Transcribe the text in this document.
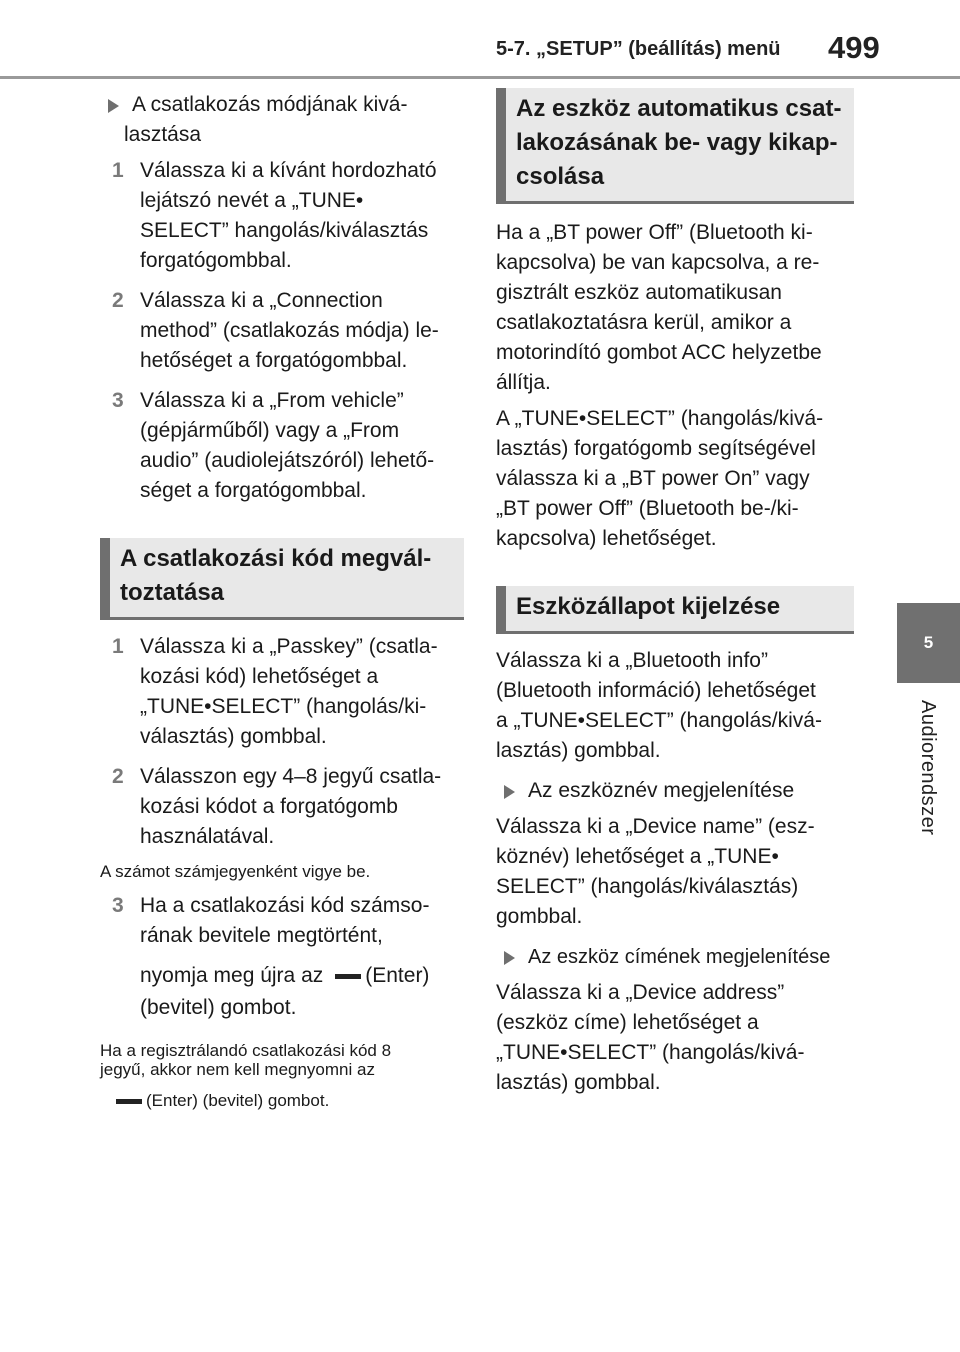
5-7. „SETUP” (beállítás) menü 499
5
Audiorendszer
A csatlakozás módjának kivá-
lasztása
1 Válassza ki a kívánt hordozható
lejátszó nevét a „TUNE•
SELECT” hangolás/kiválasztás
forgatógombbal.
2 Válassza ki a „Connection
method” (csatlakozás módja) le-
hetőséget a forgatógombbal.
3 Válassza ki a „From vehicle”
(gépjárműből) vagy a „From
audio” (audiolejátszóról) lehető-
séget a forgatógombbal.
A csatlakozási kód megvál-
toztatása
1 Válassza ki a „Passkey” (csatla-
kozási kód) lehetőséget a
„TUNE•SELECT” (hangolás/ki-
választás) gombbal.
2 Válasszon egy 4–8 jegyű csatla-
kozási kódot a forgatógomb
használatával.
A számot számjegyenként vigye be.
3 Ha a csatlakozási kód számso-
rának bevitele megtörtént,
nyomja meg újra az (Enter)
(bevitel) gombot.
Ha a regisztrálandó csatlakozási kód 8
jegyű, akkor nem kell megnyomni az
(Enter) (bevitel) gombot.
Az eszköz automatikus csat-
lakozásának be- vagy kikap-
csolása
Ha a „BT power Off” (Bluetooth ki-
kapcsolva) be van kapcsolva, a re-
gisztrált eszköz automatikusan
csatlakoztatásra kerül, amikor a
motorindító gombot ACC helyzetbe
állítja.
A „TUNE•SELECT” (hangolás/kivá-
lasztás) forgatógomb segítségével
válassza ki a „BT power On” vagy
„BT power Off” (Bluetooth be-/ki-
kapcsolva) lehetőséget.
Eszközállapot kijelzése
Válassza ki a „Bluetooth info”
(Bluetooth információ) lehetőséget
a „TUNE•SELECT” (hangolás/kivá-
lasztás) gombbal.
Az eszköznév megjelenítése
Válassza ki a „Device name” (esz-
köznév) lehetőséget a „TUNE•
SELECT” (hangolás/kiválasztás)
gombbal.
Az eszköz címének megjelenítése
Válassza ki a „Device address”
(eszköz címe) lehetőséget a
„TUNE•SELECT” (hangolás/kivá-
lasztás) gombbal.
